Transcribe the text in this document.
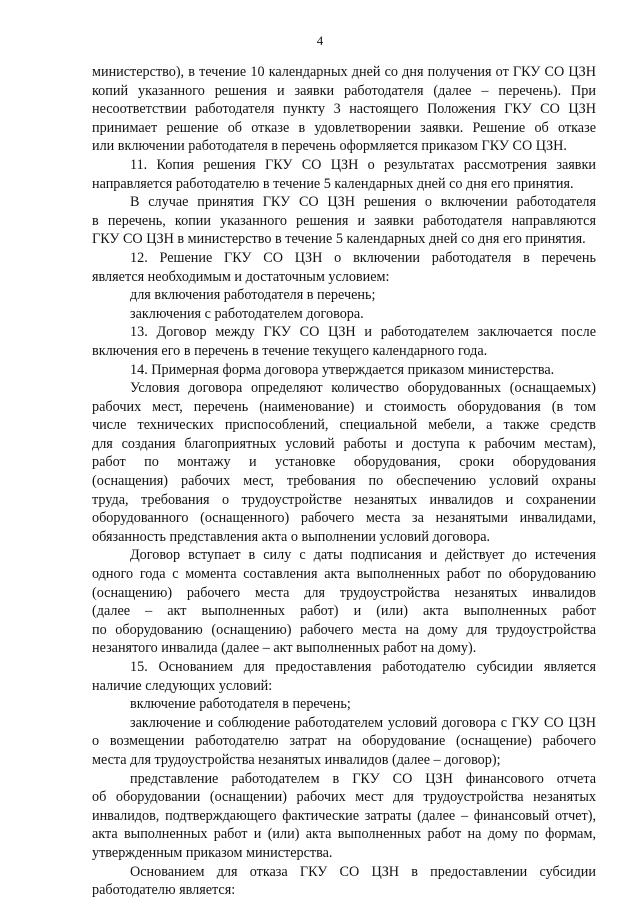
4
министерство), в течение 10 календарных дней со дня получения от ГКУ СО ЦЗН
копий указанного решения и заявки работодателя (далее – перечень). При
несоответствии работодателя пункту 3 настоящего Положения ГКУ СО ЦЗН
принимает решение об отказе в удовлетворении заявки. Решение об отказе
или включении работодателя в перечень оформляется приказом ГКУ СО ЦЗН.
11. Копия решения ГКУ СО ЦЗН о результатах рассмотрения заявки
направляется работодателю в течение 5 календарных дней со дня его принятия.
В случае принятия ГКУ СО ЦЗН решения о включении работодателя
в перечень, копии указанного решения и заявки работодателя направляются
ГКУ СО ЦЗН в министерство в течение 5 календарных дней со дня его принятия.
12. Решение ГКУ СО ЦЗН о включении работодателя в перечень
является необходимым и достаточным условием:
для включения работодателя в перечень;
заключения с работодателем договора.
13. Договор между ГКУ СО ЦЗН и работодателем заключается после
включения его в перечень в течение текущего календарного года.
14. Примерная форма договора утверждается приказом министерства.
Условия договора определяют количество оборудованных (оснащаемых)
рабочих мест, перечень (наименование) и стоимость оборудования (в том
числе технических приспособлений, специальной мебели, а также средств
для создания благоприятных условий работы и доступа к рабочим местам),
работ по монтажу и установке оборудования, сроки оборудования
(оснащения) рабочих мест, требования по обеспечению условий охраны
труда, требования о трудоустройстве незанятых инвалидов и сохранении
оборудованного (оснащенного) рабочего места за незанятыми инвалидами,
обязанность представления акта о выполнении условий договора.
Договор вступает в силу с даты подписания и действует до истечения
одного года с момента составления акта выполненных работ по оборудованию
(оснащению) рабочего места для трудоустройства незанятых инвалидов
(далее – акт выполненных работ) и (или) акта выполненных работ
по оборудованию (оснащению) рабочего места на дому для трудоустройства
незанятого инвалида (далее – акт выполненных работ на дому).
15. Основанием для предоставления работодателю субсидии является
наличие следующих условий:
включение работодателя в перечень;
заключение и соблюдение работодателем условий договора с ГКУ СО ЦЗН
о возмещении работодателю затрат на оборудование (оснащение) рабочего
места для трудоустройства незанятых инвалидов (далее – договор);
представление работодателем в ГКУ СО ЦЗН финансового отчета
об оборудовании (оснащении) рабочих мест для трудоустройства незанятых
инвалидов, подтверждающего фактические затраты (далее – финансовый отчет),
акта выполненных работ и (или) акта выполненных работ на дому по формам,
утвержденным приказом министерства.
Основанием для отказа ГКУ СО ЦЗН в предоставлении субсидии
работодателю является:
